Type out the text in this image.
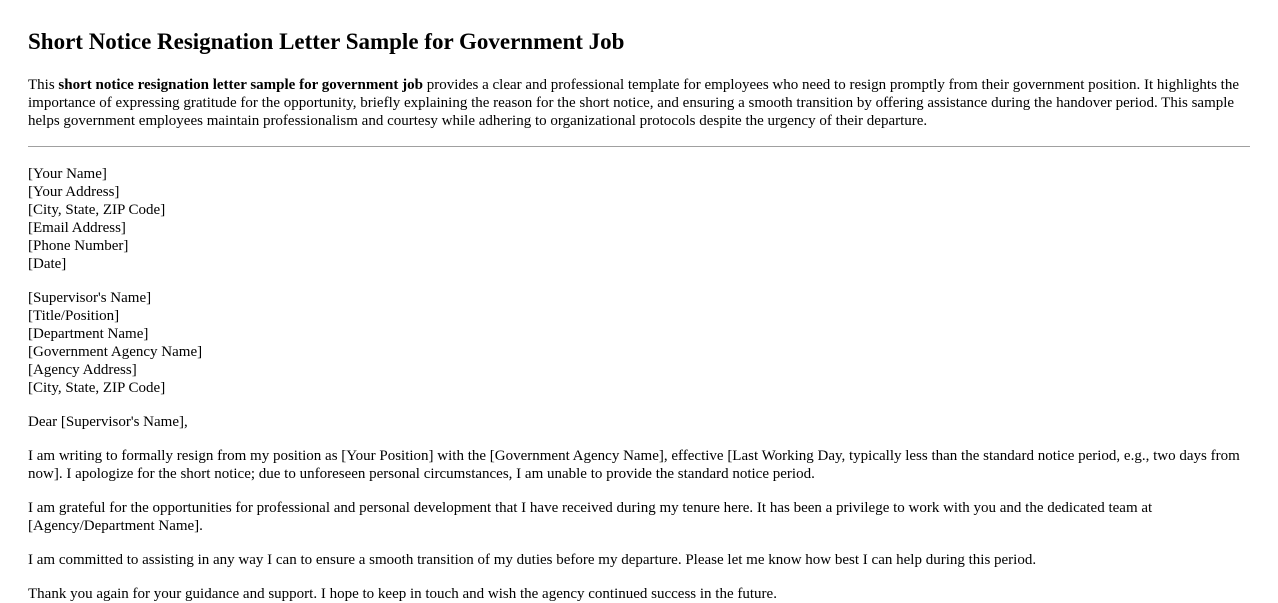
Short Notice Resignation Letter Sample for Government Job

This short notice resignation letter sample for government job provides a clear and professional template for employees who need to resign promptly from their government position. It highlights the importance of expressing gratitude for the opportunity, briefly explaining the reason for the short notice, and ensuring a smooth transition by offering assistance during the handover period. This sample helps government employees maintain professionalism and courtesy while adhering to organizational protocols despite the urgency of their departure.

[Your Name]
[Your Address]
[City, State, ZIP Code]
[Email Address]
[Phone Number]
[Date]
[Supervisor's Name]
[Title/Position]
[Department Name]
[Government Agency Name]
[Agency Address]
[City, State, ZIP Code]

Dear [Supervisor's Name],

I am writing to formally resign from my position as [Your Position] with the [Government Agency Name], effective [Last Working Day, typically less than the standard notice period, e.g., two days from now]. I apologize for the short notice; due to unforeseen personal circumstances, I am unable to provide the standard notice period.

I am grateful for the opportunities for professional and personal development that I have received during my tenure here. It has been a privilege to work with you and the dedicated team at [Agency/Department Name].

I am committed to assisting in any way I can to ensure a smooth transition of my duties before my departure. Please let me know how best I can help during this period.

Thank you again for your guidance and support. I hope to keep in touch and wish the agency continued success in the future.
